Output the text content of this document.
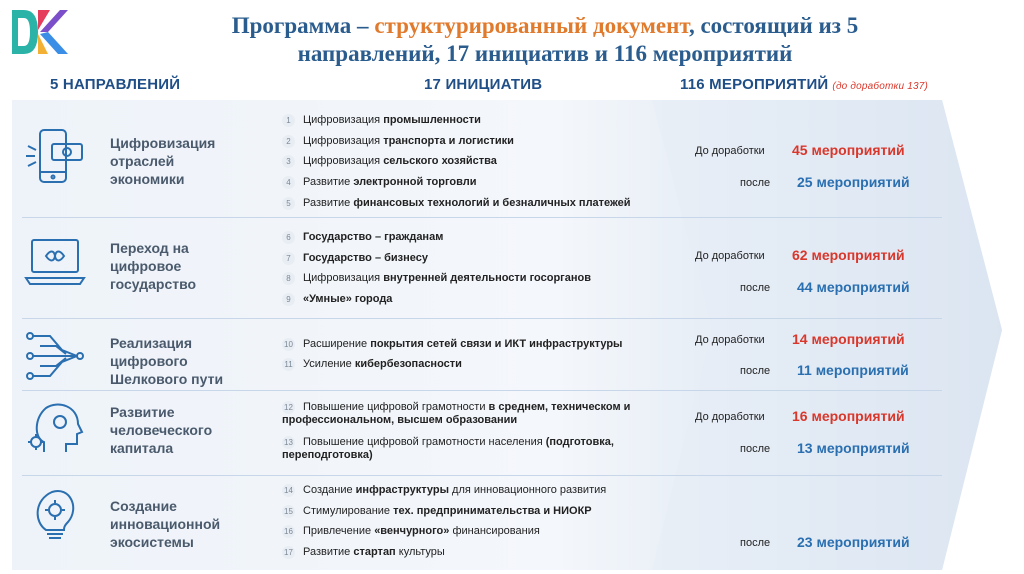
Программа – структурированный документ, состоящий из 5
направлений, 17 инициатив и 116 мероприятий
5 НАПРАВЛЕНИЙ	17 ИНИЦИАТИВ	116 МЕРОПРИЯТИЙ (до доработки 137)
Цифровизация
отраслей
экономики
1 Цифровизация промышленности
2 Цифровизация транспорта и логистики
3 Цифровизация сельского хозяйства
4 Развитие электронной торговли
5 Развитие финансовых технологий и безналичных платежей
До доработки 45 мероприятий
после 25 мероприятий
Переход на
цифровое
государство
6 Государство – гражданам
7 Государство – бизнесу
8 Цифровизация внутренней деятельности госорганов
9 «Умные» города
До доработки 62 мероприятий
после 44 мероприятий
Реализация
цифрового
Шелкового пути
10 Расширение покрытия сетей связи и ИКТ инфраструктуры
11 Усиление кибербезопасности
До доработки 14 мероприятий
после 11 мероприятий
Развитие
человеческого
капитала
12 Повышение цифровой грамотности в среднем, техническом и профессиональном, высшем образовании
13 Повышение цифровой грамотности населения (подготовка, переподготовка)
До доработки 16 мероприятий
после 13 мероприятий
Создание
инновационной
экосистемы
14 Создание инфраструктуры для инновационного развития
15 Стимулирование тех. предпринимательства и НИОКР
16 Привлечение «венчурного» финансирования
17 Развитие стартап культуры
после 23 мероприятий
